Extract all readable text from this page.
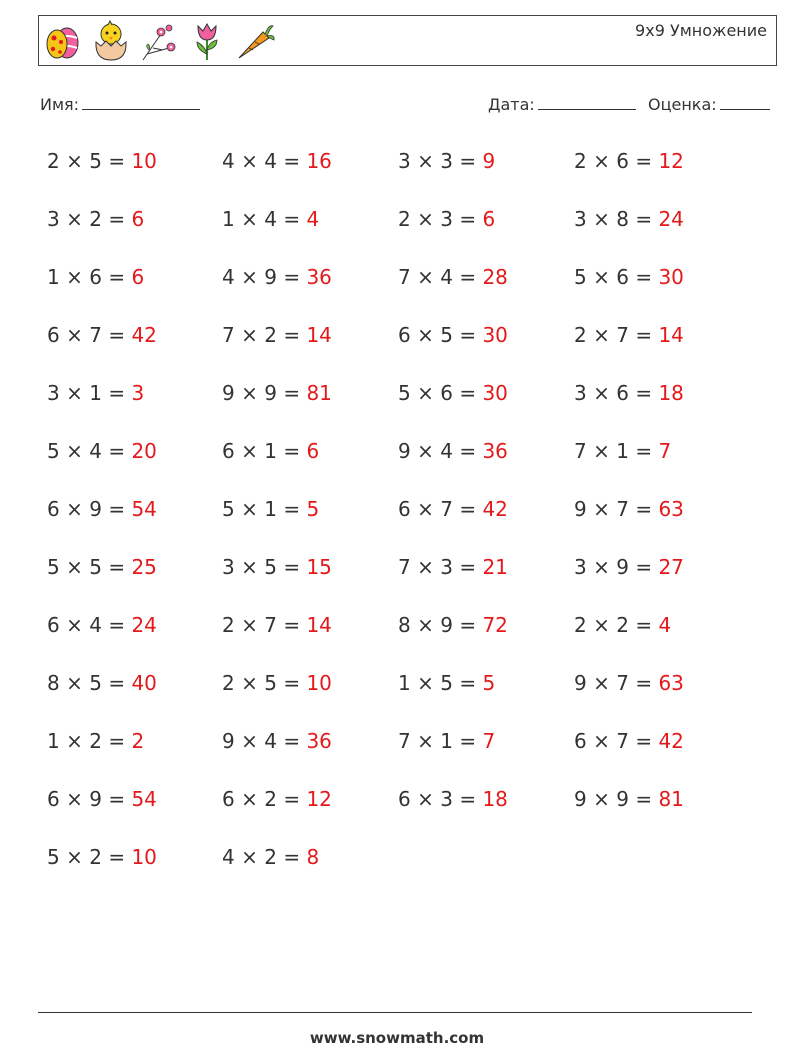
9x9 Умножение
Имя:	Дата:	Оценка:
2 × 5 = 10	4 × 4 = 16	3 × 3 = 9	2 × 6 = 12
3 × 2 = 6	1 × 4 = 4	2 × 3 = 6	3 × 8 = 24
1 × 6 = 6	4 × 9 = 36	7 × 4 = 28	5 × 6 = 30
6 × 7 = 42	7 × 2 = 14	6 × 5 = 30	2 × 7 = 14
3 × 1 = 3	9 × 9 = 81	5 × 6 = 30	3 × 6 = 18
5 × 4 = 20	6 × 1 = 6	9 × 4 = 36	7 × 1 = 7
6 × 9 = 54	5 × 1 = 5	6 × 7 = 42	9 × 7 = 63
5 × 5 = 25	3 × 5 = 15	7 × 3 = 21	3 × 9 = 27
6 × 4 = 24	2 × 7 = 14	8 × 9 = 72	2 × 2 = 4
8 × 5 = 40	2 × 5 = 10	1 × 5 = 5	9 × 7 = 63
1 × 2 = 2	9 × 4 = 36	7 × 1 = 7	6 × 7 = 42
6 × 9 = 54	6 × 2 = 12	6 × 3 = 18	9 × 9 = 81
5 × 2 = 10	4 × 2 = 8
www.snowmath.com
